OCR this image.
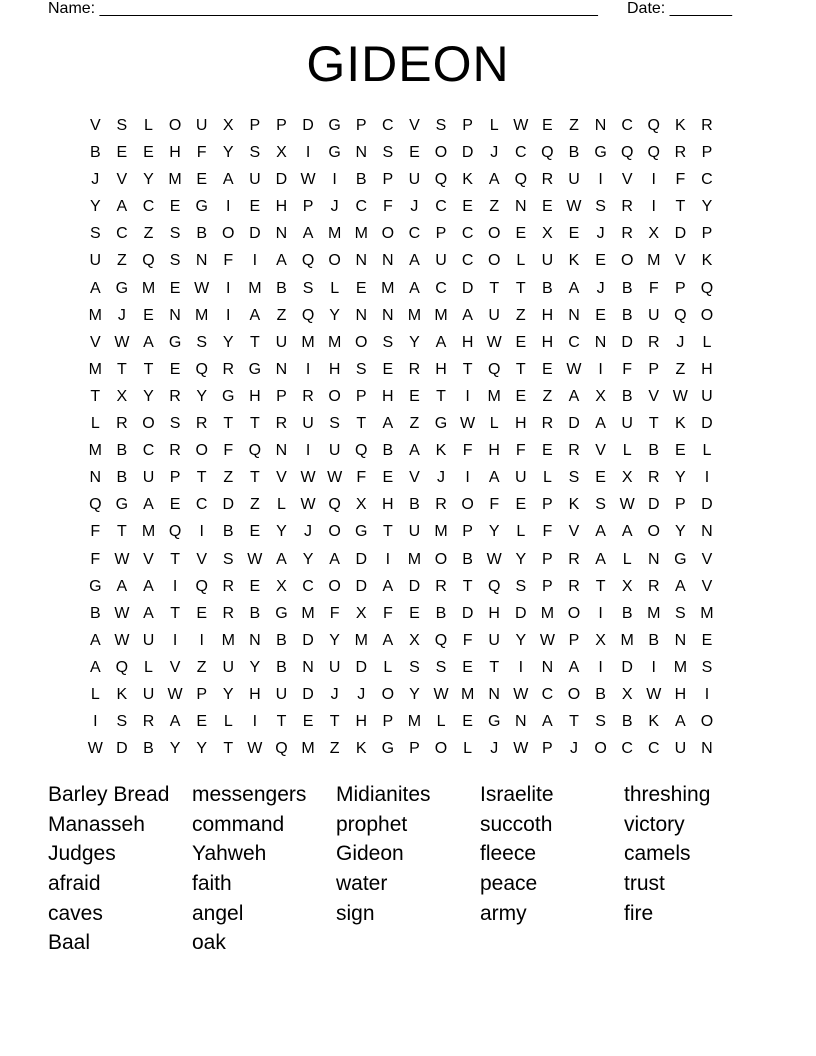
Name: ________________________________________________________ Date: _______
GIDEON
V S	L O U X P P D G P C V S P	L W E	Z N C Q K R
B E E H F	Y S X	I	G N S E O D	J	C Q B G Q Q R P
J	V Y M E A U D W	I	B P U Q K A Q R U	I	V	I	F C
Y A C E G	I	E H P	J	C F	J	C E	Z N E W S R	I	T	Y
S C Z	S B O D N A M M O C P C O E X E	J	R X D P
U Z Q S N F	I	A Q O N N A U C O L	U K E O M V K
A G M E W	I	M B S	L	E M A C D T	T	B A	J	B	F	P Q
M J	E N M	I	A	Z Q Y N N M M A U Z H N E B U Q O
V W A G S Y	T U M M O S Y A H W E H C N D R	J	L
M T	T	E Q R G N	I	H S E R H T Q T	E W	I	F	P	Z H
T	X Y R Y G H P R O P H E	T	I	M E	Z	A X B V W U
L	R O S R T	T R U S	T	A	Z G W L	H R D A U T	K D
M B C R O F Q N	I	U Q B A K	F H F	E R V	L	B E	L
N B U P	T	Z	T	V W W F	E V	J	I	A U	L	S E X R Y	I
Q G A E C D Z	L W Q X H B R O F	E P K S W D P D
F	T M Q	I	B E Y	J	O G T U M P Y	L	F	V A A O Y N
F W V	T	V S W A Y A D	I	M O B W Y P R A	L	N G V
G A A	I	Q R E X C O D A D R T Q S P R T	X R A V
B W A	T	E R B G M F	X	F	E B D H D M O	I	B M S M
A W U	I	I	M N B D Y M A X Q F U Y W P X M B N E
A Q L	V	Z U Y B N U D	L	S S E	T	I	N A	I	D	I	M S
L	K U W P Y H U D	J	J	O Y W M N W C O B X W H	I
I	S R A E	L	I	T	E	T H P M L	E G N A	T	S B K A O
W D B Y Y	T W Q M Z	K G P O L	J W P	J	O C C U N
Barley Bread	messengers	Midianites	Israelite	threshing
Manasseh	command	prophet	succoth	victory
Judges	Yahweh	Gideon	fleece	camels
afraid	faith	water	peace	trust
caves	angel	sign	army	fire
Baal	oak
